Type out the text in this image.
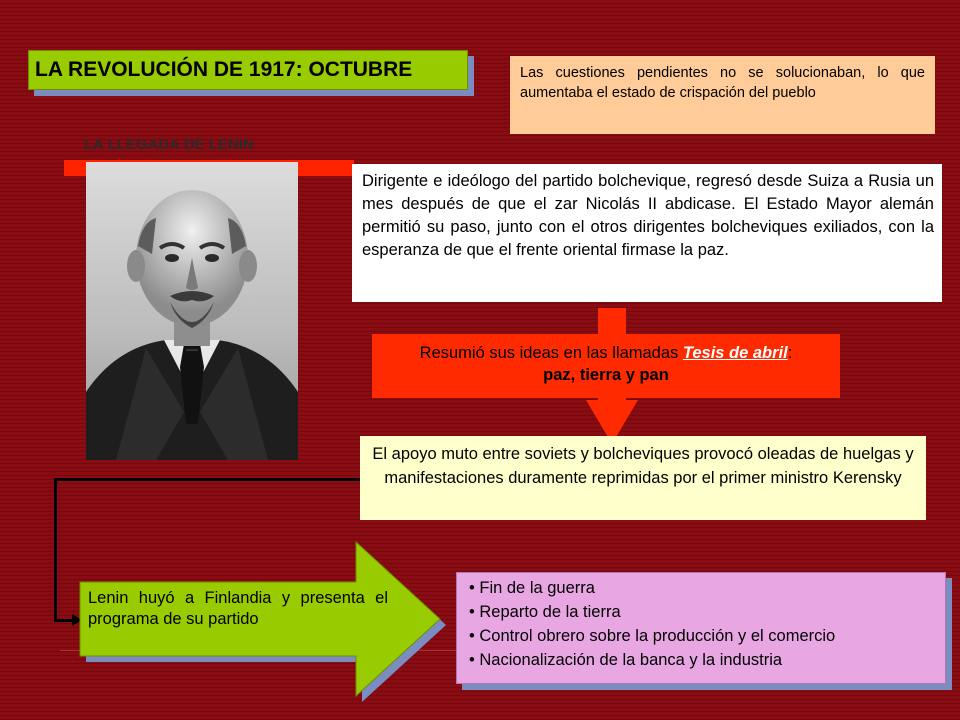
LA REVOLUCIÓN DE 1917: OCTUBRE	Las cuestiones pendientes no se solucionaban, lo que aumentaba el estado de crispación del pueblo
LA LLEGADA DE LENIN
Dirigente e ideólogo del partido bolchevique, regresó desde Suiza a Rusia un mes después de que el zar Nicolás II abdicase. El Estado Mayor alemán permitió su paso, junto con el otros dirigentes bolcheviques exiliados, con la esperanza de que el frente oriental firmase la paz.
Resumió sus ideas en las llamadas Tesis de abril:
paz, tierra y pan
El apoyo muto entre soviets y bolcheviques provocó oleadas de huelgas y manifestaciones duramente reprimidas por el primer ministro Kerensky
Lenin huyó a Finlandia y presenta el programa de su partido
• Fin de la guerra
• Reparto de la tierra
• Control obrero sobre la producción y el comercio
• Nacionalización de la banca y la industria
